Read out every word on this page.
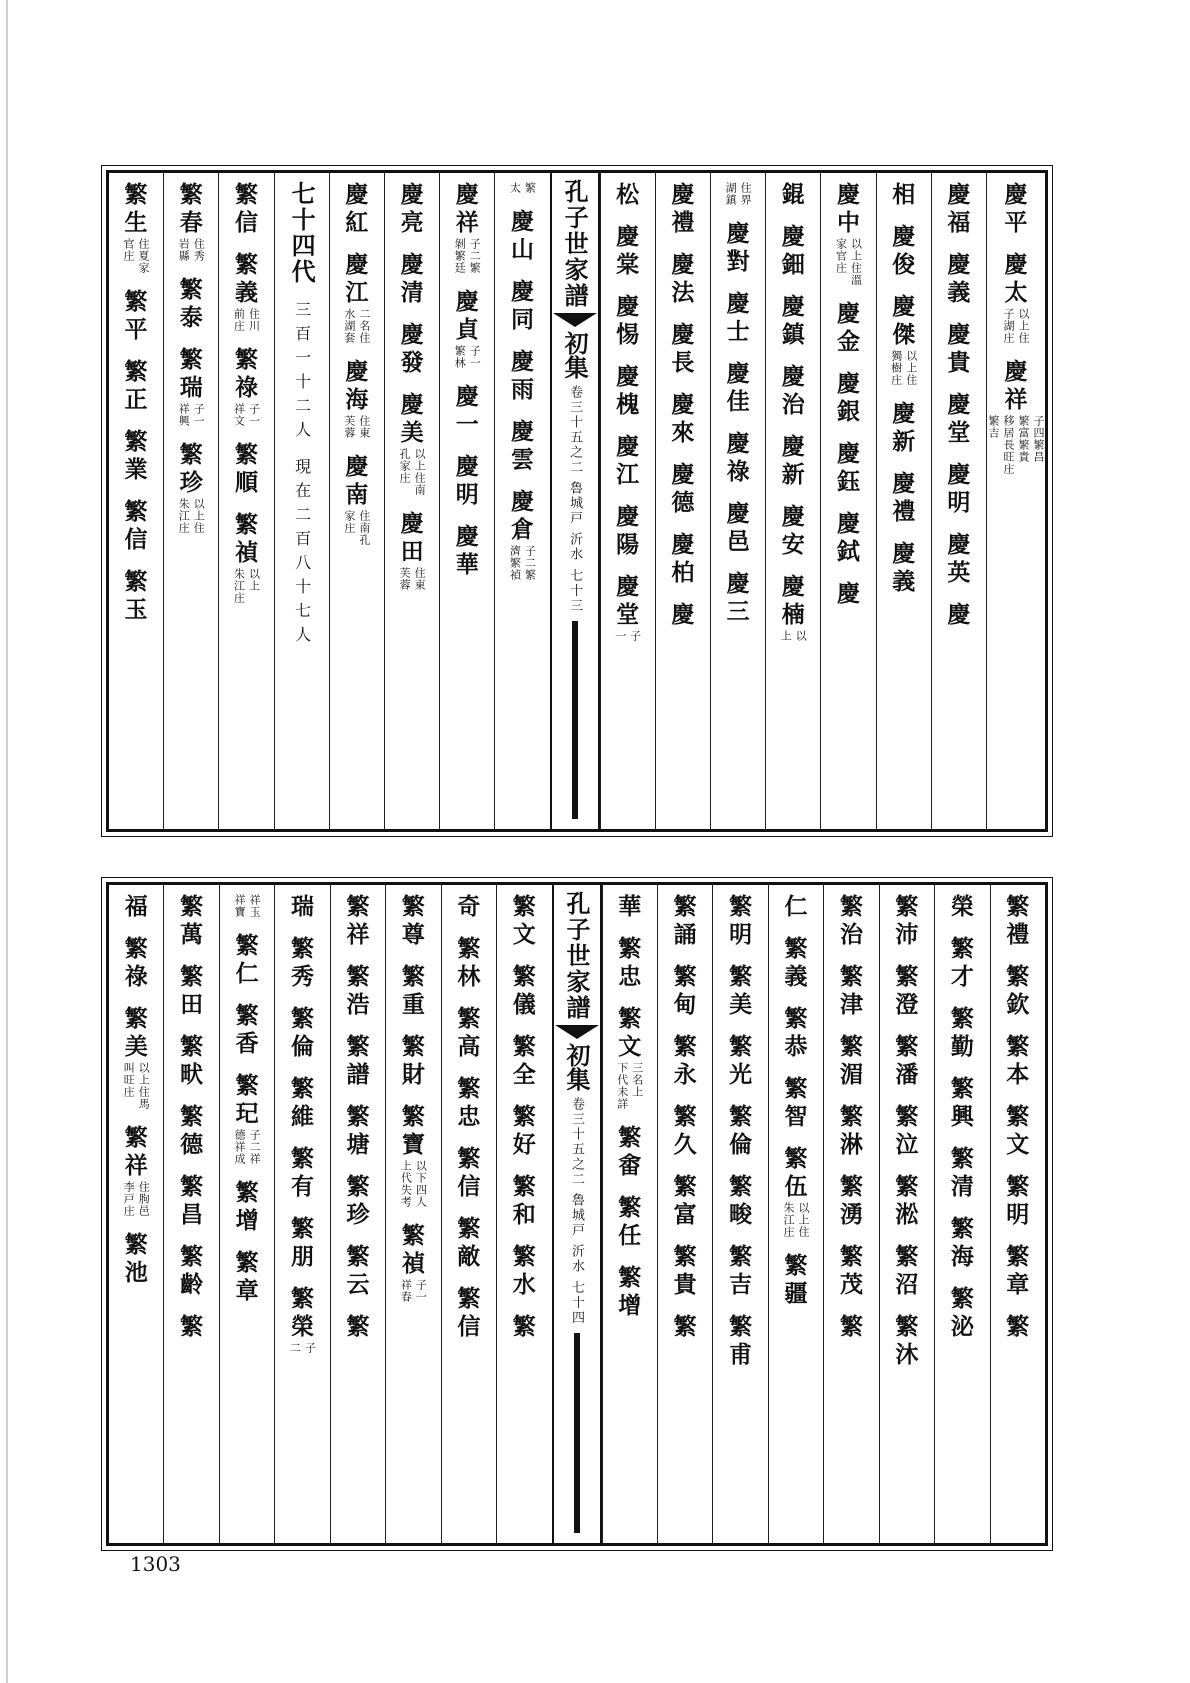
慶
平
慶
太
以上住
子湖庄
慶
祥
子四繁昌
繁富繁貴
移居長旺庄
繁吉
慶
福
慶
義
慶
貴
慶
堂
慶
明
慶
英
慶
相
慶
俊
慶
傑
以上住
獨樹庄
慶
新
慶
禮
慶
義
慶
中
以上住溫
家官庄
慶
金
慶
銀
慶
鈺
慶
鉽
慶
錕
慶
鈿
慶
鎮
慶
治
慶
新
慶
安
慶
楠
以
上
住界
湖鎮
慶
對
慶
士
慶
佳
慶
祿
慶
邑
慶
三
慶
禮
慶
法
慶
長
慶
來
慶
德
慶
柏
慶
松
慶
棠
慶
惕
慶
槐
慶
江
慶
陽
慶
堂
子
一
孔子世家譜
初集
卷三十五之二 魯城戸 沂水 七十三
繁
太
慶
山
慶
同
慶
雨
慶
雲
慶
倉
子二繁
濟繁禎
慶
祥
子二繁
剝繁廷
慶
貞
子一
繁林
慶
一
慶
明
慶
華
慶
亮
慶
清
慶
發
慶
美
以上住南
孔家庄
慶
田
住東
芙蓉
慶
紅
慶
江
二名住
水湖套
慶
海
住東
芙蓉
慶
南
住南孔
家庄
七十四代
三百一十二人 現在二百八十七人
繁
信
繁
義
住川
前庄
繁
祿
子一
祥文
繁
順
繁
禎
以上
朱江庄
繁
春
住秀
岩縣
繁
泰
繁
瑞
子一
祥興
繁
珍
以上住
朱江庄
繁
生
住夏家
官庄
繁
平
繁
正
繁
業
繁
信
繁
玉
繁
禮
繁
欽
繁
本
繁
文
繁
明
繁
章
繁
榮
繁
才
繁
勤
繁
興
繁
清
繁
海
繁
泌
繁
沛
繁
澄
繁
潘
繁
泣
繁
淞
繁
沼
繁
沐
繁
治
繁
津
繁
湄
繁
淋
繁
湧
繁
茂
繁
仁
繁
義
繁
恭
繁
智
繁
伍
以上住
朱江庄
繁
疆
繁
明
繁
美
繁
光
繁
倫
繁
畯
繁
吉
繁
甫
繁
誦
繁
甸
繁
永
繁
久
繁
富
繁
貴
繁
華
繁
忠
繁
文
三名上
下代未詳
繁
畬
繁
任
繁
增
孔子世家譜
初集
卷三十五之二 魯城戸 沂水 七十四
繁
文
繁
儀
繁
全
繁
好
繁
和
繁
水
繁
奇
繁
林
繁
高
繁
忠
繁
信
繁
敵
繁
信
繁
尊
繁
重
繁
財
繁
寶
以下四人
上代失考
繁
禎
子一
祥春
繁
祥
繁
浩
繁
譜
繁
塘
繁
珍
繁
云
繁
瑞
繁
秀
繁
倫
繁
維
繁
有
繁
朋
繁
榮
子
二
祥玉
祥寶
繁
仁
繁
香
繁
玘
子二祥
德祥成
繁
增
繁
章
繁
萬
繁
田
繁
畎
繁
德
繁
昌
繁
齡
繁
福
繁
祿
繁
美
以上住馬
叫旺庄
繁
祥
住朐邑
李戸庄
繁
池
1303
